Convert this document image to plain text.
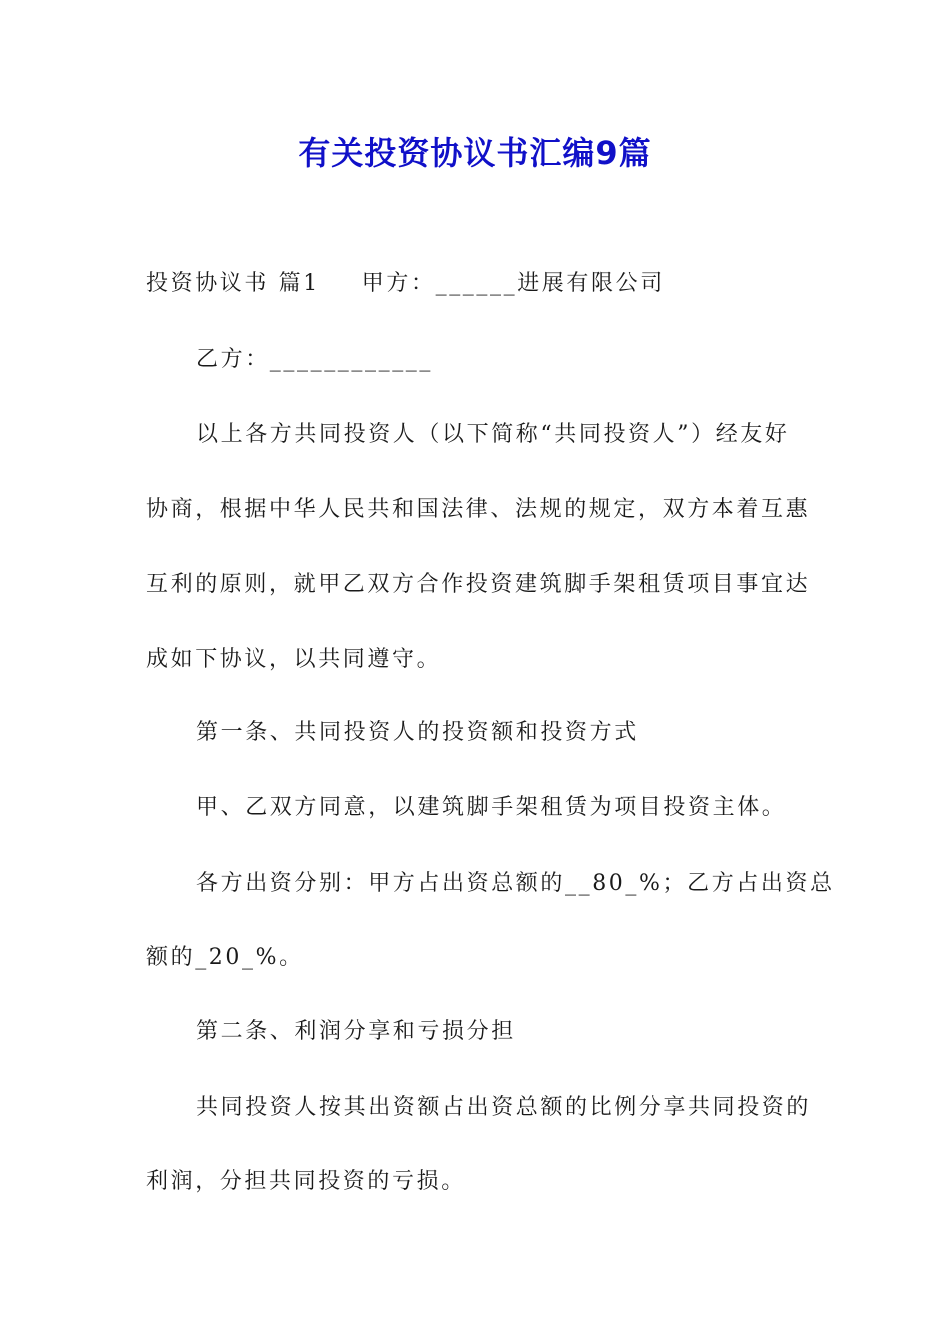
有关投资协议书汇编9篇
投资协议书 篇1 甲方：______进展有限公司
乙方：____________
以上各方共同投资人（以下简称“共同投资人”）经友好
协商，根据中华人民共和国法律、法规的规定，双方本着互惠
互利的原则，就甲乙双方合作投资建筑脚手架租赁项目事宜达
成如下协议，以共同遵守。
第一条、共同投资人的投资额和投资方式
甲、乙双方同意，以建筑脚手架租赁为项目投资主体。
各方出资分别：甲方占出资总额的__80_%；乙方占出资总
额的_20_%。
第二条、利润分享和亏损分担
共同投资人按其出资额占出资总额的比例分享共同投资的
利润，分担共同投资的亏损。
